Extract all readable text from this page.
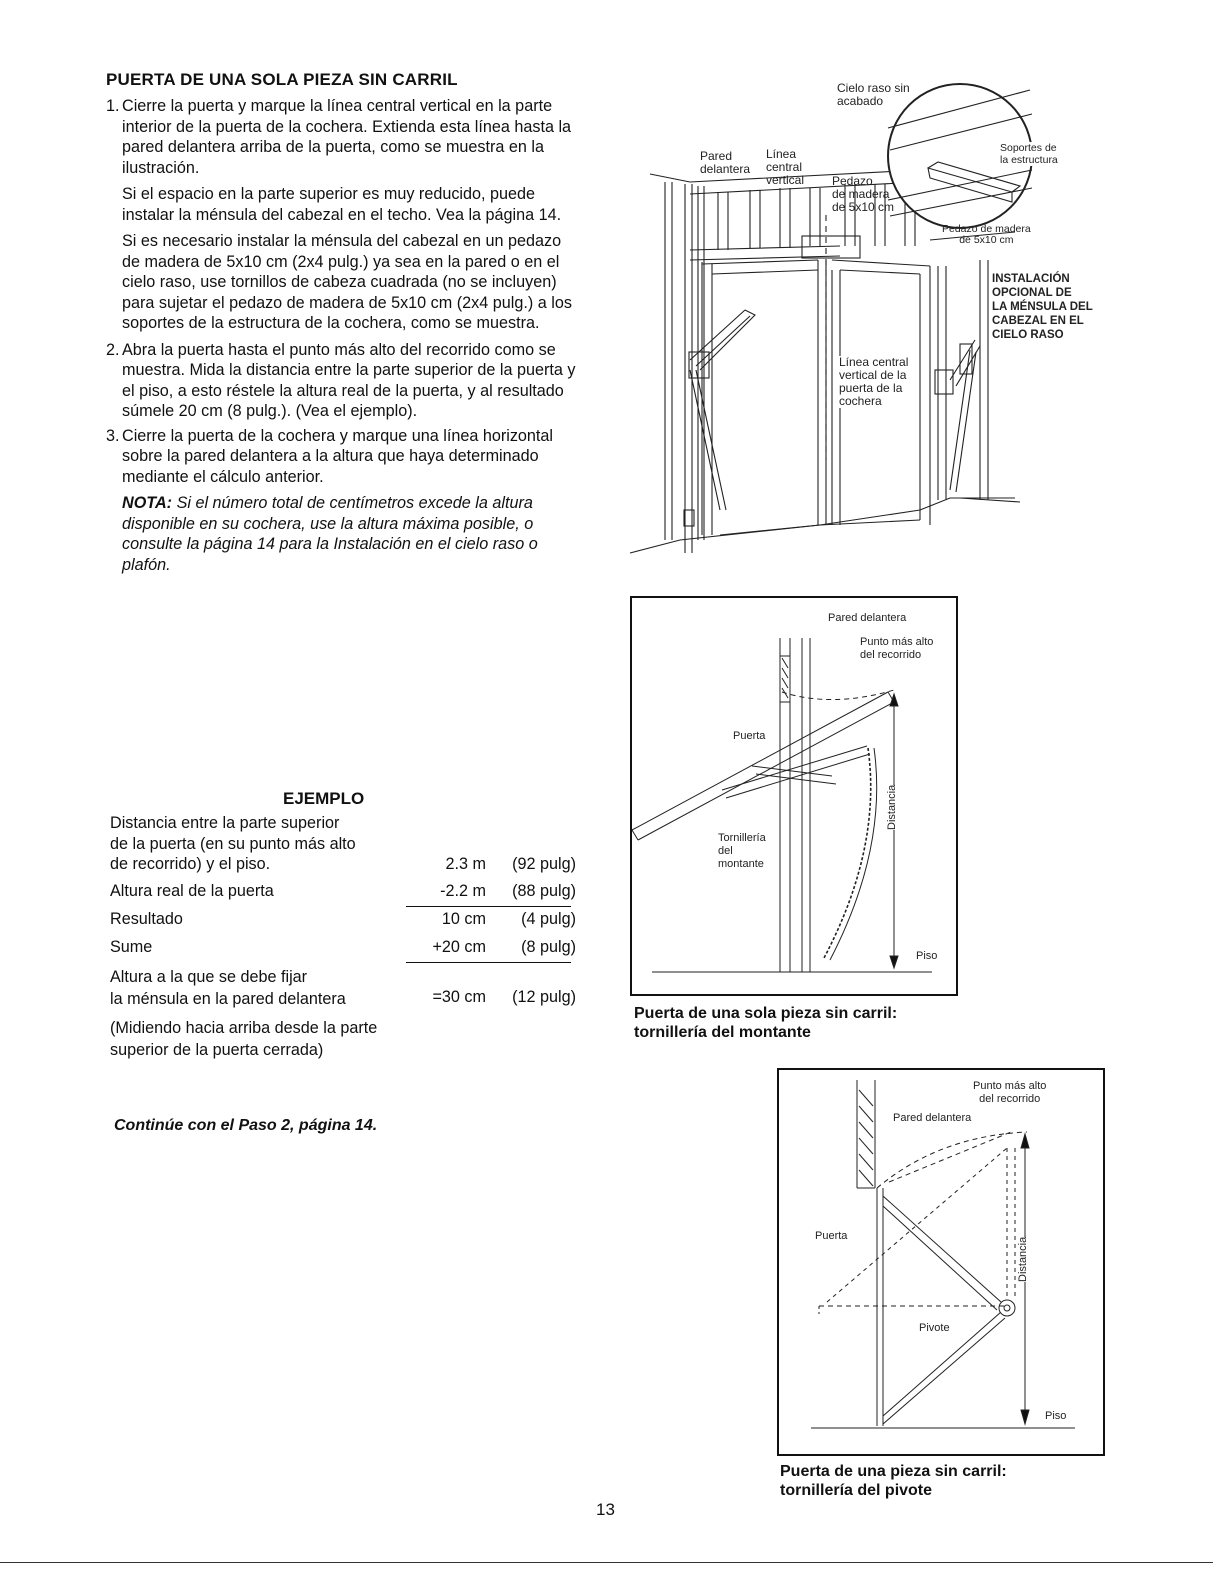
PUERTA DE UNA SOLA PIEZA SIN CARRIL
1. Cierre la puerta y marque la línea central vertical en la parte interior de la puerta de la cochera. Extienda esta línea hasta la pared delantera arriba de la puerta, como se muestra en la ilustración.
Si el espacio en la parte superior es muy reducido, puede instalar la ménsula del cabezal en el techo. Vea la página 14.
Si es necesario instalar la ménsula del cabezal en un pedazo de madera de 5x10 cm (2x4 pulg.) ya sea en la pared o en el cielo raso, use tornillos de cabeza cuadrada (no se incluyen) para sujetar el pedazo de madera de 5x10 cm (2x4 pulg.) a los soportes de la estructura de la cochera, como se muestra.
2. Abra la puerta hasta el punto más alto del recorrido como se muestra. Mida la distancia entre la parte superior de la puerta y el piso, a esto réstele la altura real de la puerta, y al resultado súmele 20 cm (8 pulg.). (Vea el ejemplo).
3. Cierre la puerta de la cochera y marque una línea horizontal sobre la pared delantera a la altura que haya determinado mediante el cálculo anterior.
NOTA: Si el número total de centímetros excede la altura disponible en su cochera, use la altura máxima posible, o consulte la página 14 para la Instalación en el cielo raso o plafón.
EJEMPLO
Distancia entre la parte superior
de la puerta (en su punto más alto
de recorrido) y el piso.	2.3 m	(92 pulg)
Altura real de la puerta	-2.2 m	(88 pulg)
Resultado	10 cm	(4 pulg)
Sume	+20 cm	(8 pulg)
Altura a la que se debe fijar
la ménsula en la pared delantera	=30 cm	(12 pulg)
(Midiendo hacia arriba desde la parte
superior de la puerta cerrada)
Continúe con el Paso 2, página 14.
Cielo raso sin
acabado
Pared
delantera
Línea
central
vertical Pedazo
de madera
de 5x10 cm
Soportes de
la estructura
Pedazo de madera
de 5x10 cm
Línea central
vertical de la
puerta de la
cochera
INSTALACIÓN
OPCIONAL DE
LA MÉNSULA DEL
CABEZAL EN EL
CIELO RASO
Pared delantera
Punto más alto
del recorrido
Puerta
Tornillería
del
montante
Distancia
Piso
Puerta de una sola pieza sin carril:
tornillería del montante
Punto más alto
del recorrido
Pared delantera
Puerta
Distancia
Pivote
Piso
Puerta de una pieza sin carril:
tornillería del pivote
13
